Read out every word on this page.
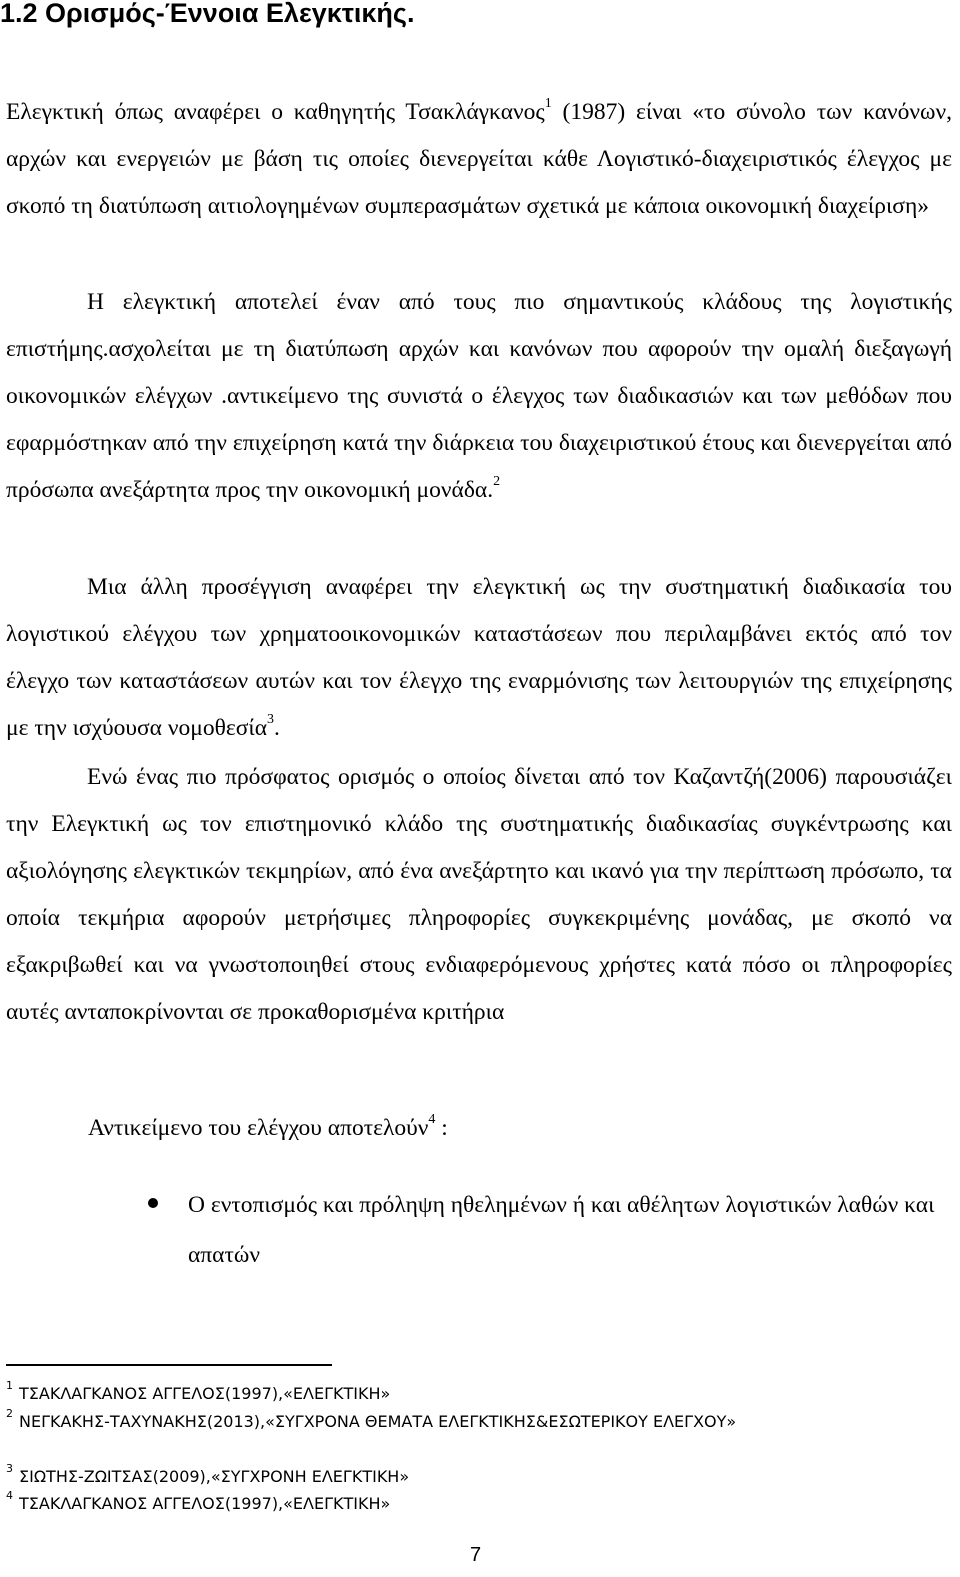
1.2 Ορισμός-Έννοια Ελεγκτικής.

Ελεγκτική όπως αναφέρει ο καθηγητής Τσακλάγκανος$^1$ (1987) είναι «το σύνολο των κανόνων, αρχών και ενεργειών με βάση τις οποίες διενεργείται κάθε Λογιστικό-διαχειριστικός έλεγχος με σκοπό τη διατύπωση αιτιολογημένων συμπερασμάτων σχετικά με κάποια οικονομική διαχείριση»

Η ελεγκτική αποτελεί έναν από τους πιο σημαντικούς κλάδους της λογιστικής επιστήμης.ασχολείται με τη διατύπωση αρχών και κανόνων που αφορούν την ομαλή διεξαγωγή οικονομικών ελέγχων .αντικείμενο της συνιστά ο έλεγχος των διαδικασιών και των μεθόδων που εφαρμόστηκαν από την επιχείρηση κατά την διάρκεια του διαχειριστικού έτους και διενεργείται από πρόσωπα ανεξάρτητα προς την οικονομική μονάδα.$^2$

Μια άλλη προσέγγιση αναφέρει την ελεγκτική ως την συστηματική διαδικασία του λογιστικού ελέγχου των χρηματοοικονομικών καταστάσεων που περιλαμβάνει εκτός από τον έλεγχο των καταστάσεων αυτών και τον έλεγχο της εναρμόνισης των λειτουργιών της επιχείρησης με την ισχύουσα νομοθεσία$^3$.

Ενώ ένας πιο πρόσφατος ορισμός ο οποίος δίνεται από τον Καζαντζή(2006) παρουσιάζει την Ελεγκτική ως τον επιστημονικό κλάδο της συστηματικής διαδικασίας συγκέντρωσης και αξιολόγησης ελεγκτικών τεκμηρίων, από ένα ανεξάρτητο και ικανό για την περίπτωση πρόσωπο, τα οποία τεκμήρια αφορούν μετρήσιμες πληροφορίες συγκεκριμένης μονάδας, με σκοπό να εξακριβωθεί και να γνωστοποιηθεί στους ενδιαφερόμενους χρήστες κατά πόσο οι πληροφορίες αυτές ανταποκρίνονται σε προκαθορισμένα κριτήρια

Αντικείμενο του ελέγχου αποτελούν$^4$ :

Ο εντοπισμός και πρόληψη ηθελημένων ή και αθέλητων λογιστικών λαθών και απατών

$^1$ ΤΣΑΚΛΑΓΚΑΝΟΣ ΑΓΓΕΛΟΣ(1997),«ΕΛΕΓΚΤΙΚΗ»

$^2$ ΝΕΓΚΑΚΗΣ-ΤΑΧΥΝΑΚΗΣ(2013),«ΣΥΓΧΡΟΝΑ ΘΕΜΑΤΑ ΕΛΕΓΚΤΙΚΗΣ&ΕΣΩΤΕΡΙΚΟΥ ΕΛΕΓΧΟΥ»

$^3$ ΣΙΩΤΗΣ-ΖΩΙΤΣΑΣ(2009),«ΣΥΓΧΡΟΝΗ ΕΛΕΓΚΤΙΚΗ»

$^4$ ΤΣΑΚΛΑΓΚΑΝΟΣ ΑΓΓΕΛΟΣ(1997),«ΕΛΕΓΚΤΙΚΗ»

7
